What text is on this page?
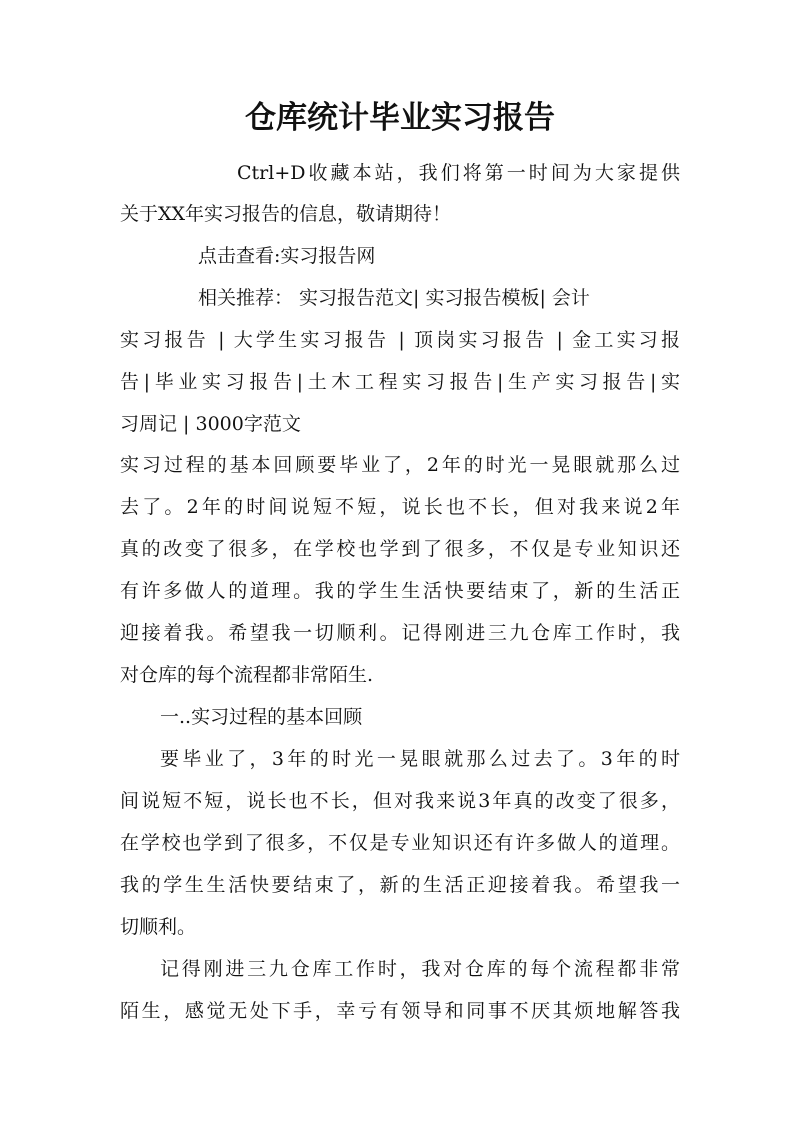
仓库统计毕业实习报告
Ctrl+D收藏本站，我们将第一时间为大家提供
关于XX年实习报告的信息，敬请期待！
点击查看:实习报告网
相关推荐： 实习报告范文| 实习报告模板| 会计
实习报告 | 大学生实习报告 | 顶岗实习报告 | 金工实习报
告|毕业实习报告|土木工程实习报告|生产实习报告|实
习周记 | 3000字范文
实习过程的基本回顾要毕业了，2年的时光一晃眼就那么过
去了。2年的时间说短不短，说长也不长，但对我来说2年
真的改变了很多，在学校也学到了很多，不仅是专业知识还
有许多做人的道理。我的学生生活快要结束了，新的生活正
迎接着我。希望我一切顺利。记得刚进三九仓库工作时，我
对仓库的每个流程都非常陌生.
一..实习过程的基本回顾
要毕业了，3年的时光一晃眼就那么过去了。3年的时
间说短不短，说长也不长，但对我来说3年真的改变了很多，
在学校也学到了很多，不仅是专业知识还有许多做人的道理。
我的学生生活快要结束了，新的生活正迎接着我。希望我一
切顺利。
记得刚进三九仓库工作时，我对仓库的每个流程都非常
陌生，感觉无处下手，幸亏有领导和同事不厌其烦地解答我
